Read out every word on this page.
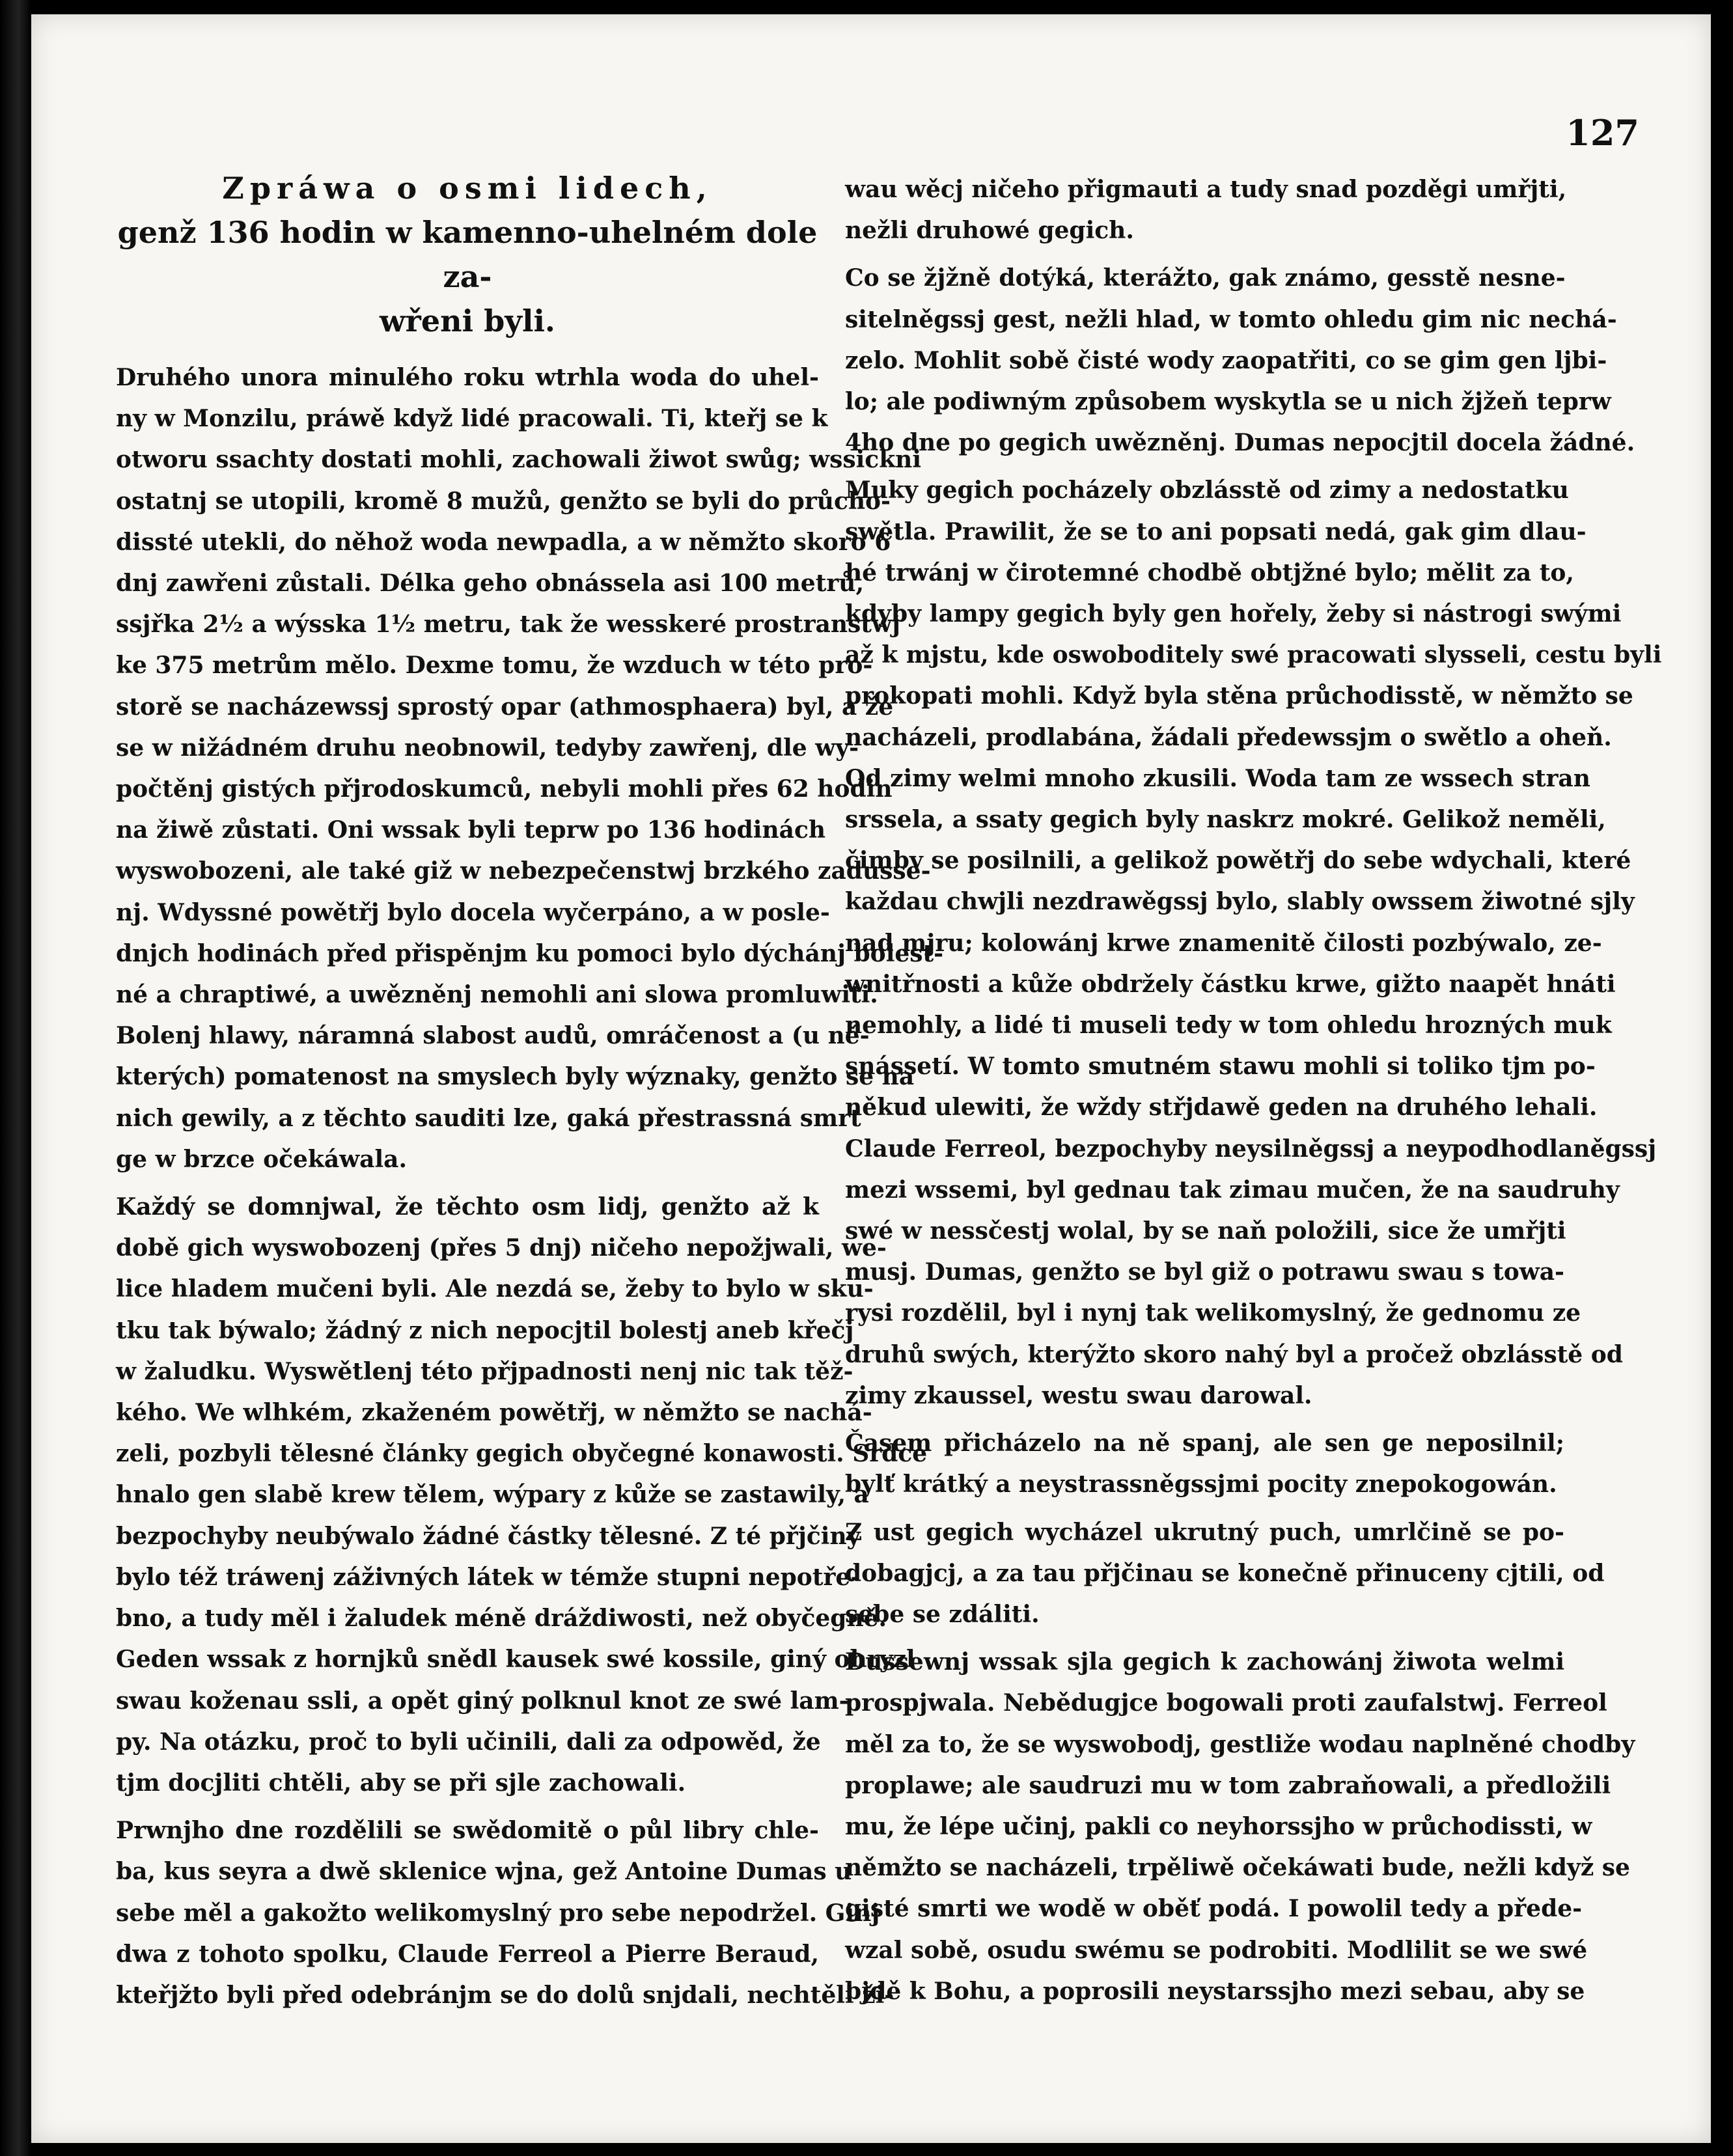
127
Zpráwa o osmi lidech,
genž 136 hodin w kamenno-uhelném dole za-
wřeni byli.
Druhého unora minulého roku wtrhla woda do uhel-
ny w Monzilu, práwě když lidé pracowali. Ti, kteřj se k
otworu ssachty dostati mohli, zachowali žiwot swůg; wssickni
ostatnj se utopili, kromě 8 mužů, genžto se byli do průcho-
dissté utekli, do něhož woda newpadla, a w němžto skoro 6
dnj zawřeni zůstali. Délka geho obnássela asi 100 metrů,
ssjřka 2½ a wýsska 1½ metru, tak že wesskeré prostranstwj
ke 375 metrům mělo. Dexme tomu, že wzduch w této pro-
storě se nacházewssj sprostý opar (athmosphaera) byl, a že
se w nižádném druhu neobnowil, tedyby zawřenj, dle wy-
počtěnj gistých přjrodoskumců, nebyli mohli přes 62 hodin
na žiwě zůstati. Oni wssak byli teprw po 136 hodinách
wyswobozeni, ale také giž w nebezpečenstwj brzkého zadusse-
nj. Wdyssné powětřj bylo docela wyčerpáno, a w posle-
dnjch hodinách před přispěnjm ku pomoci bylo dýchánj bolest-
né a chraptiwé, a uwězněnj nemohli ani slowa promluwiti.
Bolenj hlawy, náramná slabost audů, omráčenost a (u ně-
kterých) pomatenost na smyslech byly wýznaky, genžto se na
nich gewily, a z těchto sauditi lze, gaká přestrassná smrt
ge w brzce očekáwala.
Každý se domnjwal, že těchto osm lidj, genžto až k
době gich wyswobozenj (přes 5 dnj) ničeho nepožjwali, we-
lice hladem mučeni byli. Ale nezdá se, žeby to bylo w sku-
tku tak býwalo; žádný z nich nepocjtil bolestj aneb křečj
w žaludku. Wyswětlenj této přjpadnosti nenj nic tak těž-
kého. We wlhkém, zkaženém powětřj, w němžto se nachá-
zeli, pozbyli tělesné články gegich obyčegné konawosti. Srdce
hnalo gen slabě krew tělem, wýpary z kůže se zastawily, a
bezpochyby neubýwalo žádné částky tělesné. Z té přjčiny
bylo též tráwenj záživných látek w témže stupni nepotře-
bno, a tudy měl i žaludek méně dráždiwosti, než obyčegně.
Geden wssak z hornjků snědl kausek swé kossile, giný ohryzl
swau koženau ssli, a opět giný polknul knot ze swé lam-
py. Na otázku, proč to byli učinili, dali za odpowěd, že
tjm docjliti chtěli, aby se při sjle zachowali.
Prwnjho dne rozdělili se swědomitě o půl libry chle-
ba, kus seyra a dwě sklenice wjna, gež Antoine Dumas u
sebe měl a gakožto welikomyslný pro sebe nepodržel. Ginj
dwa z tohoto spolku, Claude Ferreol a Pierre Beraud,
kteřjžto byli před odebránjm se do dolů snjdali, nechtěli ži-
wau wěcj ničeho přigmauti a tudy snad pozděgi umřjti,
nežli druhowé gegich.
Co se žjžně dotýká, kterážto, gak známo, gesstě nesne-
sitelněgssj gest, nežli hlad, w tomto ohledu gim nic nechá-
zelo. Mohlit sobě čisté wody zaopatřiti, co se gim gen ljbi-
lo; ale podiwným způsobem wyskytla se u nich žjžeň teprw
4ho dne po gegich uwězněnj. Dumas nepocjtil docela žádné.
Muky gegich pocházely obzlásstě od zimy a nedostatku
swětla. Prawilit, že se to ani popsati nedá, gak gim dlau-
hé trwánj w čirotemné chodbě obtjžné bylo; mělit za to,
kdyby lampy gegich byly gen hořely, žeby si nástrogi swými
až k mjstu, kde oswoboditely swé pracowati slysseli, cestu byli
prokopati mohli. Když byla stěna průchodisstě, w němžto se
nacházeli, prodlabána, žádali předewssjm o swětlo a oheň.
Od zimy welmi mnoho zkusili. Woda tam ze wssech stran
srssela, a ssaty gegich byly naskrz mokré. Gelikož neměli,
čimby se posilnili, a gelikož powětřj do sebe wdychali, které
každau chwjli nezdrawěgssj bylo, slably owssem žiwotné sjly
nad mjru; kolowánj krwe znamenitě čilosti pozbýwalo, ze-
wnitřnosti a kůže obdržely částku krwe, gižto naapět hnáti
nemohly, a lidé ti museli tedy w tom ohledu hrozných muk
snássetí. W tomto smutném stawu mohli si toliko tjm po-
někud ulewiti, že wždy střjdawě geden na druhého lehali.
Claude Ferreol, bezpochyby neysilněgssj a neypodhodlaněgssj
mezi wssemi, byl gednau tak zimau mučen, že na saudruhy
swé w nessčestj wolal, by se naň položili, sice že umřjti
musj. Dumas, genžto se byl giž o potrawu swau s towa-
rysi rozdělil, byl i nynj tak welikomyslný, že gednomu ze
druhů swých, kterýžto skoro nahý byl a pročež obzlásstě od
zimy zkaussel, westu swau darowal.
Časem přicházelo na ně spanj, ale sen ge neposilnil;
bylť krátký a neystrassněgssjmi pocity znepokogowán.
Z ust gegich wycházel ukrutný puch, umrlčině se po-
dobagjcj, a za tau přjčinau se konečně přinuceny cjtili, od
sebe se zdáliti.
Dussewnj wssak sjla gegich k zachowánj žiwota welmi
prospjwala. Nebědugjce bogowali proti zaufalstwj. Ferreol
měl za to, že se wyswobodj, gestliže wodau naplněné chodby
proplawe; ale saudruzi mu w tom zabraňowali, a předložili
mu, že lépe učinj, pakli co neyhorssjho w průchodissti, w
němžto se nacházeli, trpěliwě očekáwati bude, nežli když se
gisté smrti we wodě w oběť podá. I powolil tedy a přede-
wzal sobě, osudu swému se podrobiti. Modlilit se we swé
bjdě k Bohu, a poprosili neystarssjho mezi sebau, aby se
